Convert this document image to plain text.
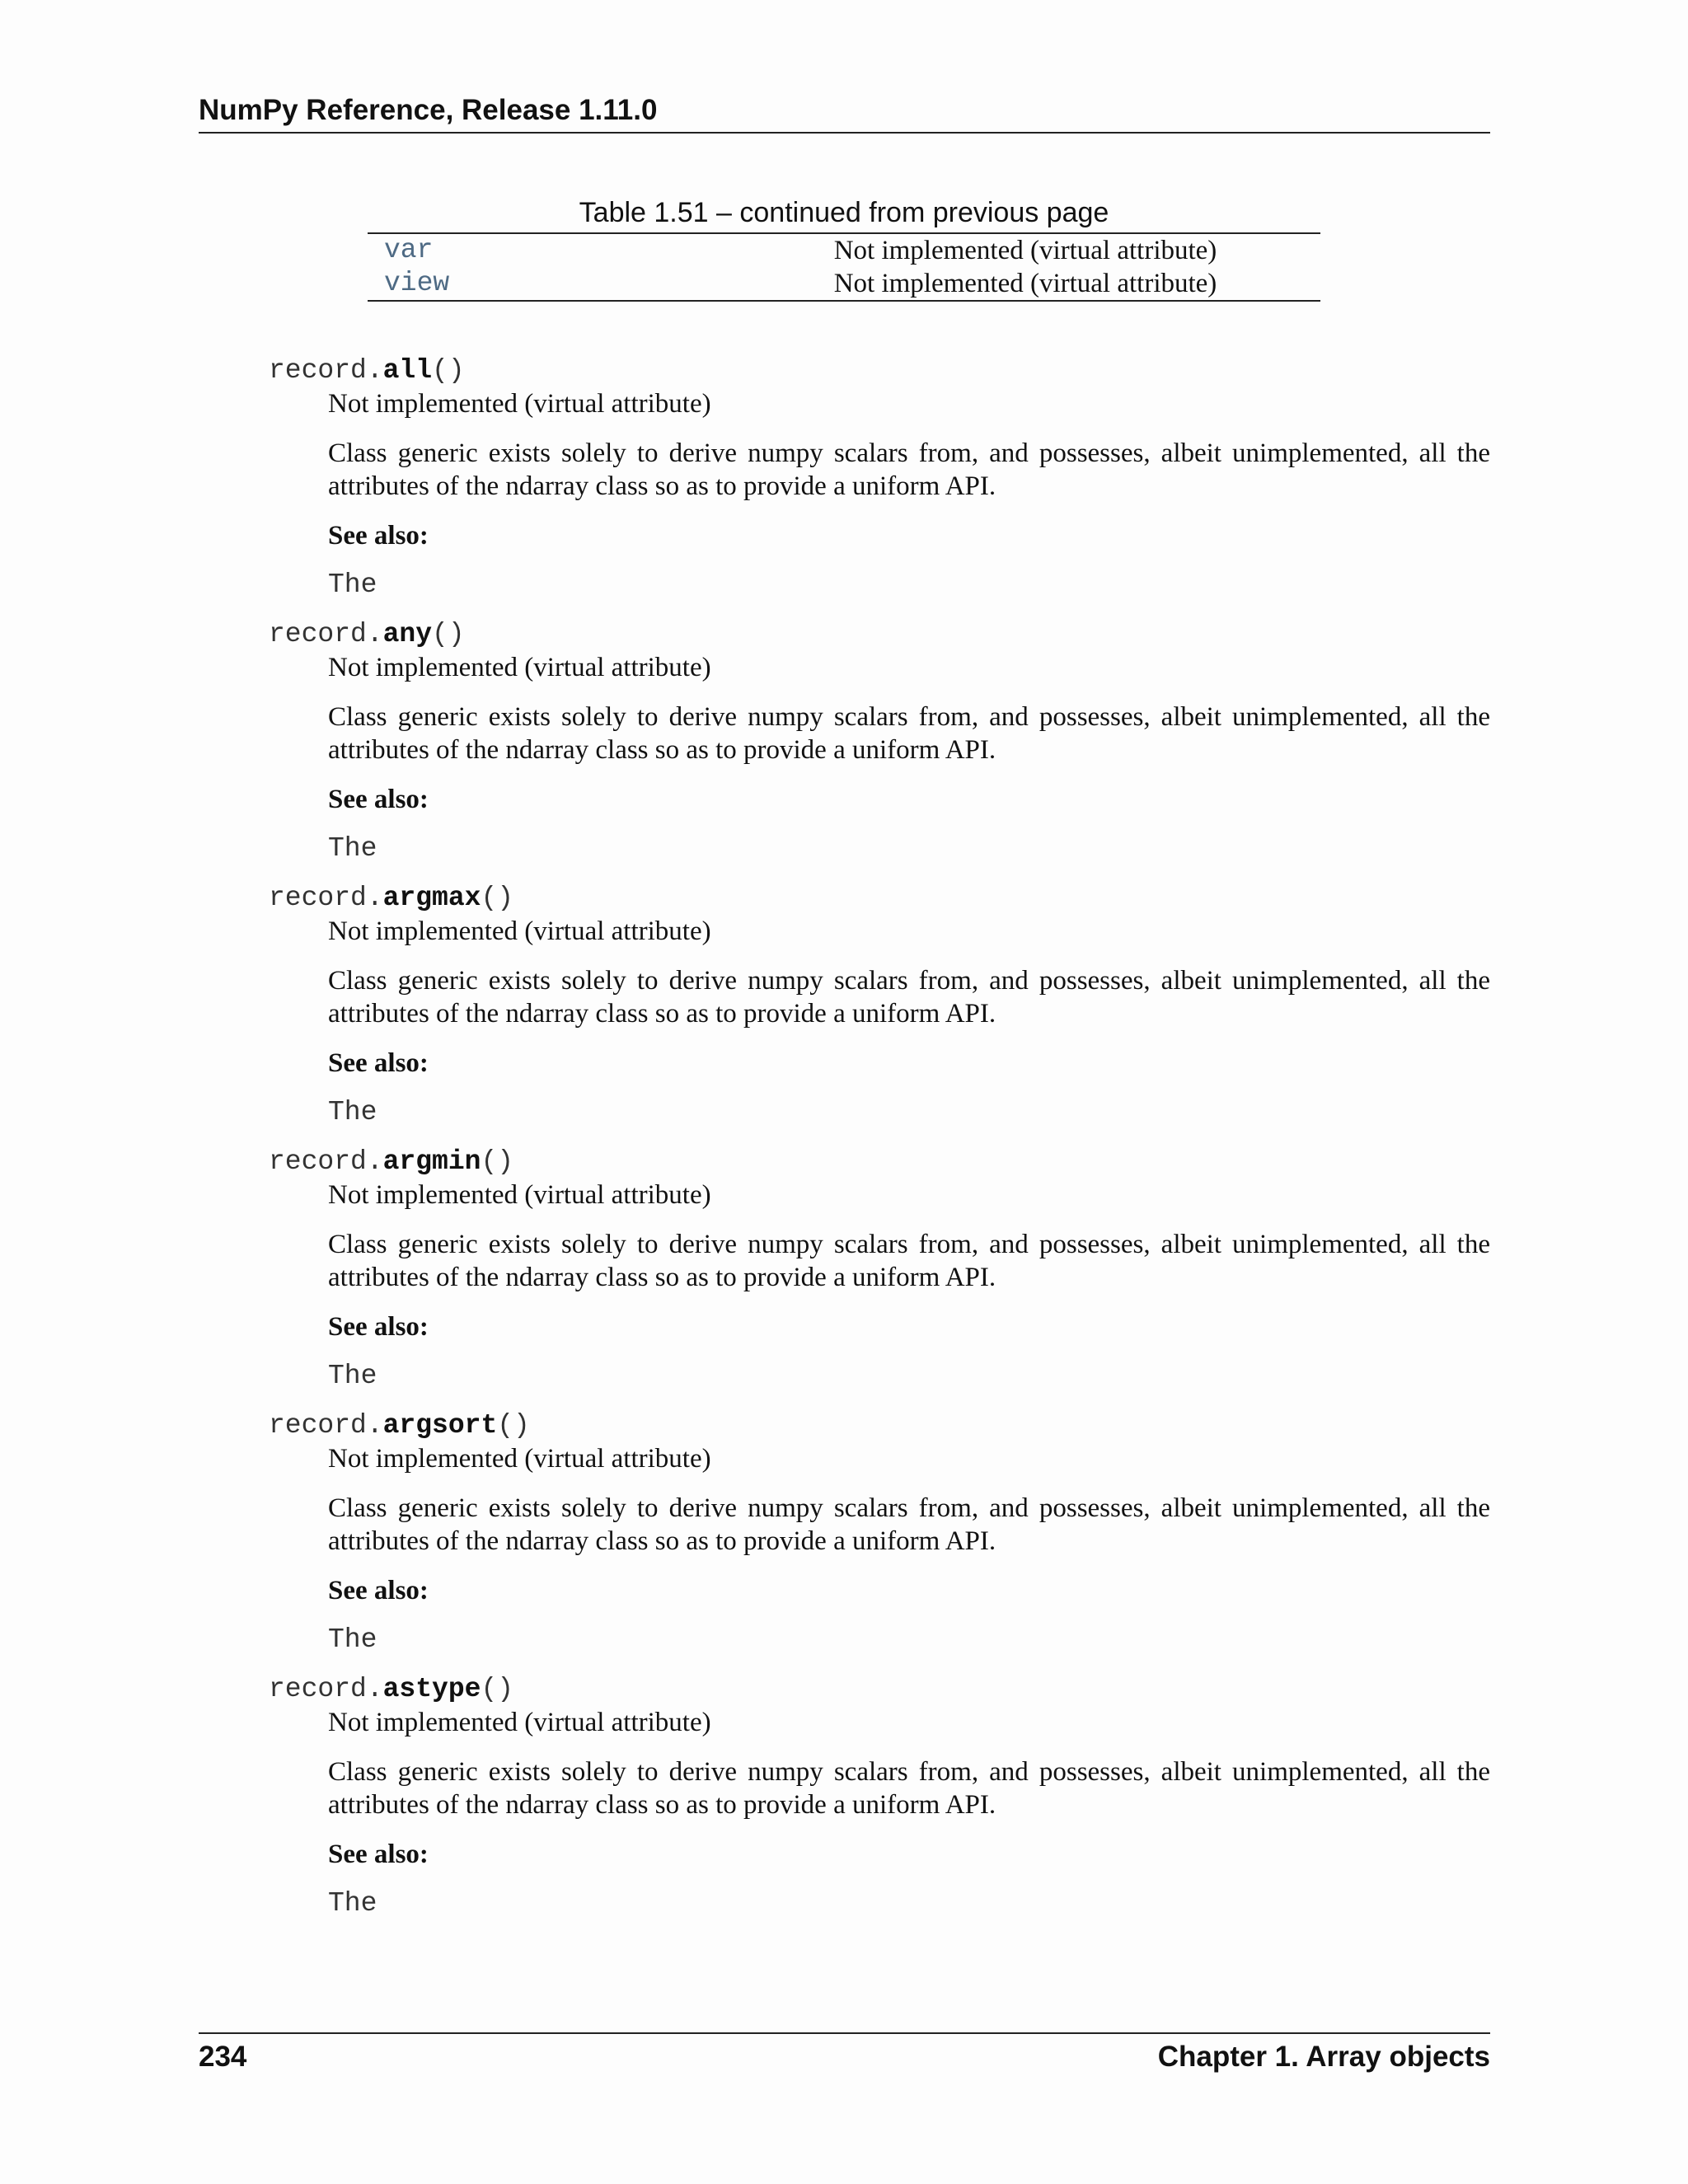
NumPy Reference, Release 1.11.0
Table 1.51 – continued from previous page
var	Not implemented (virtual attribute)
view	Not implemented (virtual attribute)
record.all()

Not implemented (virtual attribute)

Class generic exists solely to derive numpy scalars from, and possesses, albeit unimplemented, all the attributes of the ndarray class so as to provide a uniform API.

See also:

The

record.any()

Not implemented (virtual attribute)

Class generic exists solely to derive numpy scalars from, and possesses, albeit unimplemented, all the attributes of the ndarray class so as to provide a uniform API.

See also:

The

record.argmax()

Not implemented (virtual attribute)

Class generic exists solely to derive numpy scalars from, and possesses, albeit unimplemented, all the attributes of the ndarray class so as to provide a uniform API.

See also:

The

record.argmin()

Not implemented (virtual attribute)

Class generic exists solely to derive numpy scalars from, and possesses, albeit unimplemented, all the attributes of the ndarray class so as to provide a uniform API.

See also:

The

record.argsort()

Not implemented (virtual attribute)

Class generic exists solely to derive numpy scalars from, and possesses, albeit unimplemented, all the attributes of the ndarray class so as to provide a uniform API.

See also:

The

record.astype()

Not implemented (virtual attribute)

Class generic exists solely to derive numpy scalars from, and possesses, albeit unimplemented, all the attributes of the ndarray class so as to provide a uniform API.

See also:

The

234	Chapter 1. Array objects
